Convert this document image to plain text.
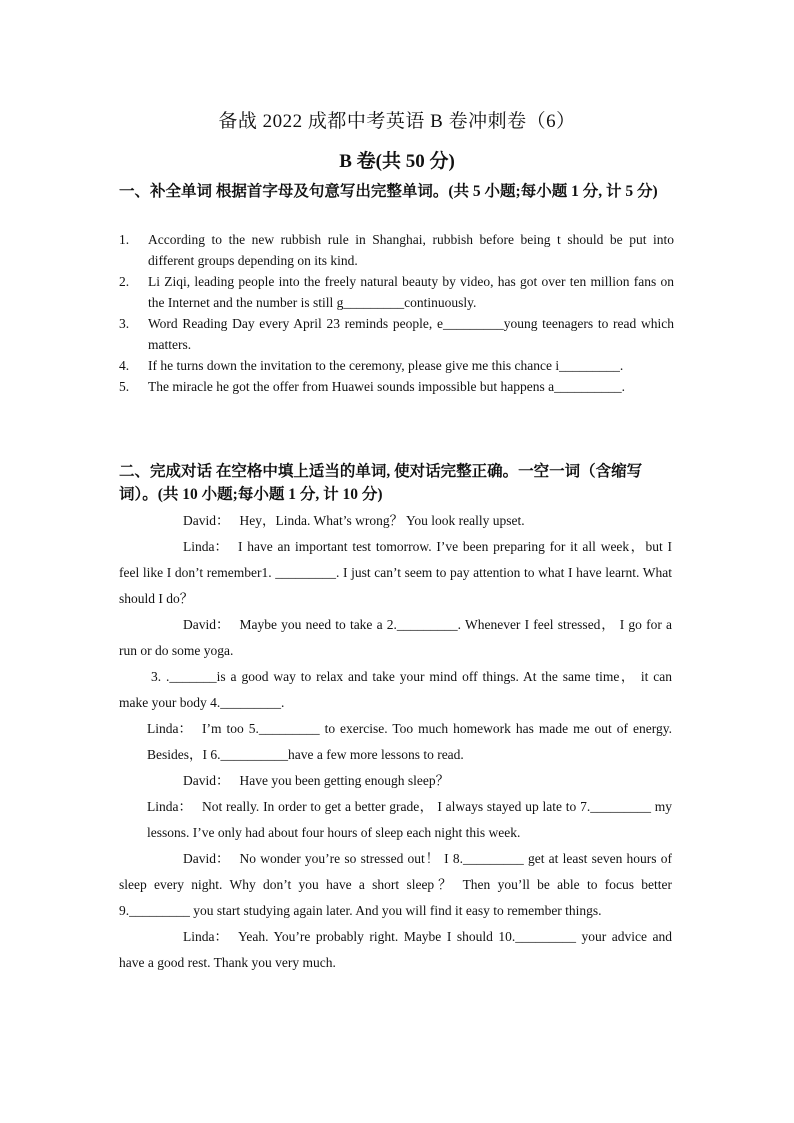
备战 2022 成都中考英语 B 卷冲刺卷（6）
B 卷(共 50 分)
一、补全单词 根据首字母及句意写出完整单词。(共 5 小题;每小题 1 分, 计 5 分)
1.	According to the new rubbish rule in Shanghai, rubbish before being t should be put into different groups depending on its kind.
2.	Li Ziqi, leading people into the freely natural beauty by video, has got over ten million fans on the Internet and the number is still g_________continuously.
3.	Word Reading Day every April 23 reminds people, e_________young teenagers to read which matters.
4.	If he turns down the invitation to the ceremony, please give me this chance i_________.
5.	The miracle he got the offer from Huawei sounds impossible but happens a__________.
二、完成对话 在空格中填上适当的单词, 使对话完整正确。一空一词（含缩写词）。(共 10 小题;每小题 1 分, 计 10 分)
David： Hey，Linda. What’s wrong？ You look really upset.
Linda： I have an important test tomorrow. I’ve been preparing for it all week，but I feel like I don’t remember1. _________. I just can’t seem to pay attention to what I have learnt. What should I do？
David： Maybe you need to take a 2._________. Whenever I feel stressed， I go for a run or do some yoga.
3. ._______is a good way to relax and take your mind off things. At the same time， it can make your body 4._________.
Linda： I’m too 5._________ to exercise. Too much homework has made me out of energy. Besides，I 6.__________have a few more lessons to read.
David： Have you been getting enough sleep？
Linda： Not really. In order to get a better grade， I always stayed up late to 7._________ my lessons. I’ve only had about four hours of sleep each night this week.
David： No wonder you’re so stressed out！ I 8._________ get at least seven hours of sleep every night. Why don’t you have a short sleep？ Then you’ll be able to focus better 9._________ you start studying again later. And you will find it easy to remember things.
Linda： Yeah. You’re probably right. Maybe I should 10._________ your advice and have a good rest. Thank you very much.
